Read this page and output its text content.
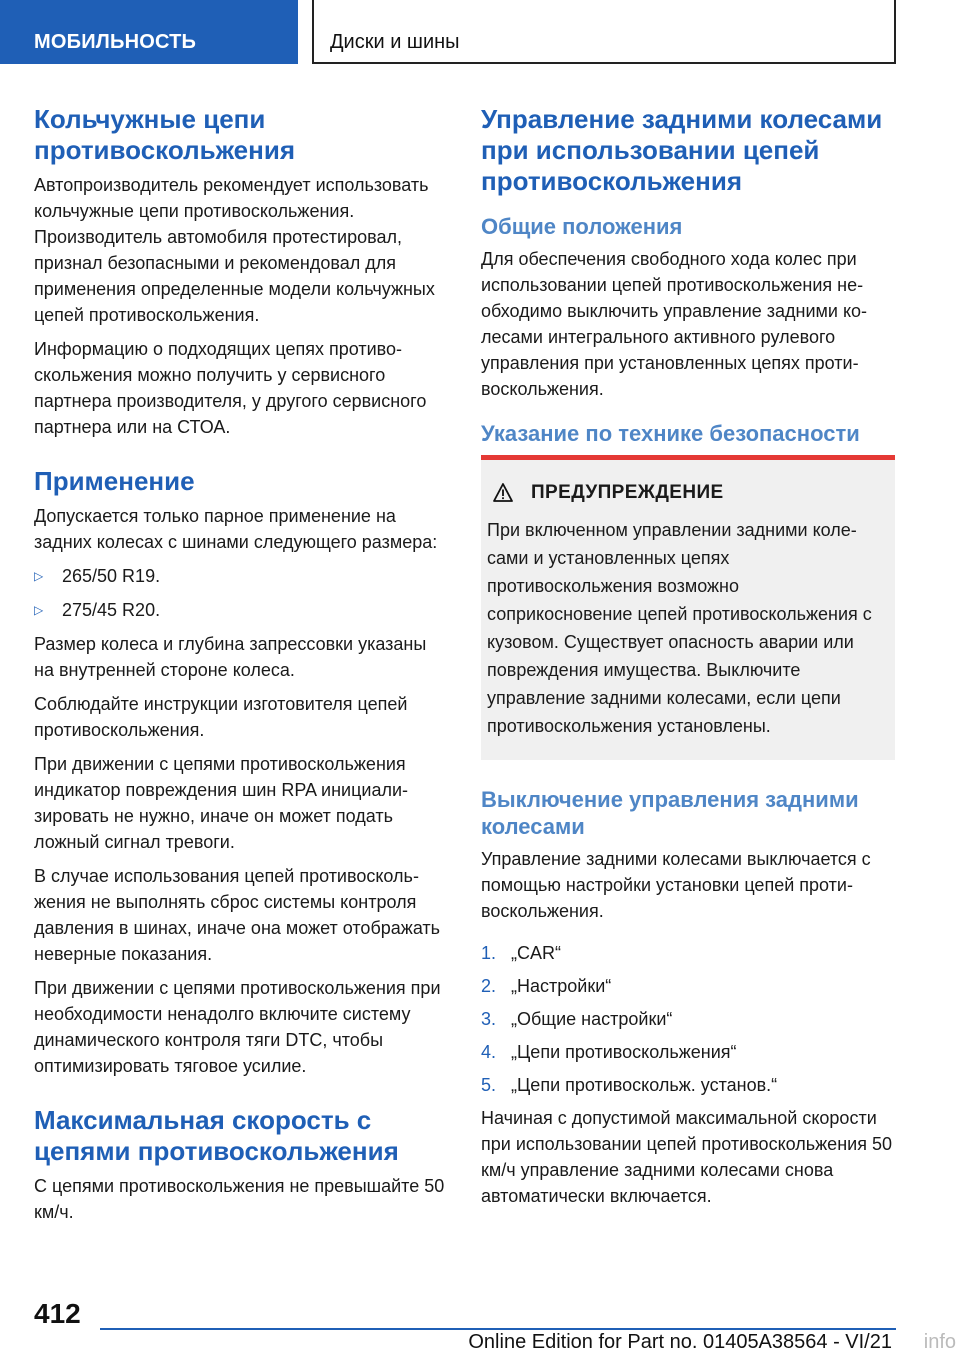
МОБИЛЬНОСТЬ	Диски и шины
Кольчужные цепи противоскольжения

Автопроизводитель рекомендует использовать кольчужные цепи противоскольжения. Производитель автомобиля протестировал, признал безопасными и рекомендовал для применения определенные модели кольчужных цепей противоскольжения.

Информацию о подходящих цепях противоскольжения можно получить у сервисного партнера производителя, у другого сервисного партнера или на СТОА.

Применение

Допускается только парное применение на задних колесах с шинами следующего размера:

▷	265/50 R19.
▷	275/45 R20.

Размер колеса и глубина запрессовки указаны на внутренней стороне колеса.

Соблюдайте инструкции изготовителя цепей противоскольжения.

При движении с цепями противоскольжения индикатор повреждения шин RPA инициализировать не нужно, иначе он может подать ложный сигнал тревоги.

В случае использования цепей противоскольжения не выполнять сброс системы контроля давления в шинах, иначе она может отображать неверные показания.

При движении с цепями противоскольжения при необходимости ненадолго включите систему динамического контроля тяги DTC, чтобы оптимизировать тяговое усилие.

Максимальная скорость с цепями противоскольжения

С цепями противоскольжения не превышайте 50 км/ч.

Управление задними колесами при использовании цепей противоскольжения
Общие положения

Для обеспечения свободного хода колес при использовании цепей противоскольжения необходимо выключить управление задними колесами интегрального активного рулевого управления при установленных цепях противоскольжения.

Указание по технике безопасности
ПРЕДУПРЕЖДЕНИЕ

При включенном управлении задними колесами и установленных цепях противоскольжения возможно соприкосновение цепей противоскольжения с кузовом. Существует опасность аварии или повреждения имущества. Выключите управление задними колесами, если цепи противоскольжения установлены.

Выключение управления задними колесами

Управление задними колесами выключается с помощью настройки установки цепей противоскольжения.

1. „CAR“
2. „Настройки“
3. „Общие настройки“
4. „Цепи противоскольжения“
5. „Цепи противоскольж. установ.“

Начиная с допустимой максимальной скорости при использовании цепей противоскольжения 50 км/ч управление задними колесами снова автоматически включается.

412
Online Edition for Part no. 01405A38564 - VI/21 info
